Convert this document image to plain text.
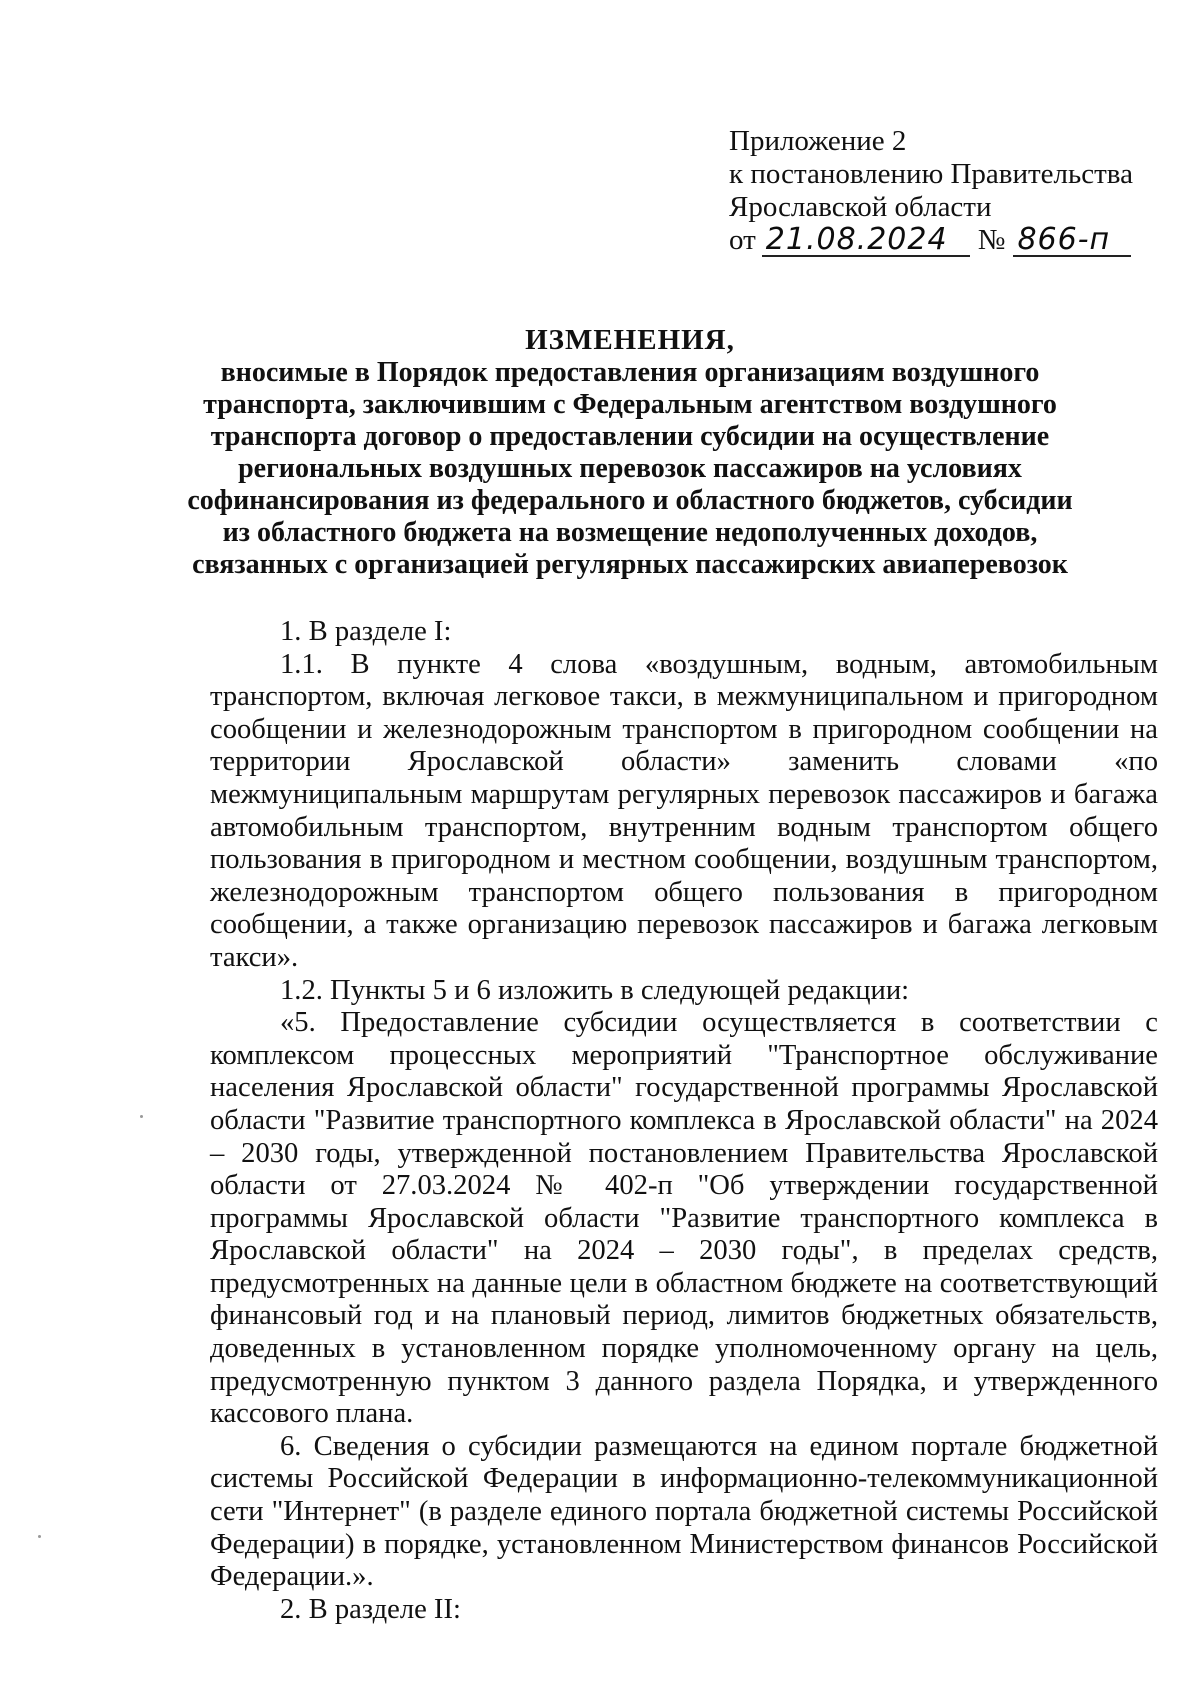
Приложение 2
к постановлению Правительства
Ярославской области
от 21.08.2024	№ 866-п
ИЗМЕНЕНИЯ,
вносимые в Порядок предоставления организациям воздушного
транспорта, заключившим с Федеральным агентством воздушного
транспорта договор о предоставлении субсидии на осуществление
региональных воздушных перевозок пассажиров на условиях
софинансирования из федерального и областного бюджетов, субсидии
из областного бюджета на возмещение недополученных доходов,
связанных с организацией регулярных пассажирских авиаперевозок

1. В разделе I:

1.1. В пункте 4 слова «воздушным, водным, автомобильным транспортом, включая легковое такси, в межмуниципальном и пригородном сообщении и железнодорожным транспортом в пригородном сообщении на территории Ярославской области» заменить словами «по межмуниципальным маршрутам регулярных перевозок пассажиров и багажа автомобильным транспортом, внутренним водным транспортом общего пользования в пригородном и местном сообщении, воздушным транспортом, железнодорожным транспортом общего пользования в пригородном сообщении, а также организацию перевозок пассажиров и багажа легковым такси».

1.2. Пункты 5 и 6 изложить в следующей редакции:

«5. Предоставление субсидии осуществляется в соответствии с комплексом процессных мероприятий "Транспортное обслуживание населения Ярославской области" государственной программы Ярославской области "Развитие транспортного комплекса в Ярославской области" на 2024 – 2030 годы, утвержденной постановлением Правительства Ярославской области от 27.03.2024 № 402-п "Об утверждении государственной программы Ярославской области "Развитие транспортного комплекса в Ярославской области" на 2024 – 2030 годы", в пределах средств, предусмотренных на данные цели в областном бюджете на соответствующий финансовый год и на плановый период, лимитов бюджетных обязательств, доведенных в установленном порядке уполномоченному органу на цель, предусмотренную пунктом 3 данного раздела Порядка, и утвержденного кассового плана.

6. Сведения о субсидии размещаются на едином портале бюджетной системы Российской Федерации в информационно-телекоммуникационной сети "Интернет" (в разделе единого портала бюджетной системы Российской Федерации) в порядке, установленном Министерством финансов Российской Федерации.».

2. В разделе II:
